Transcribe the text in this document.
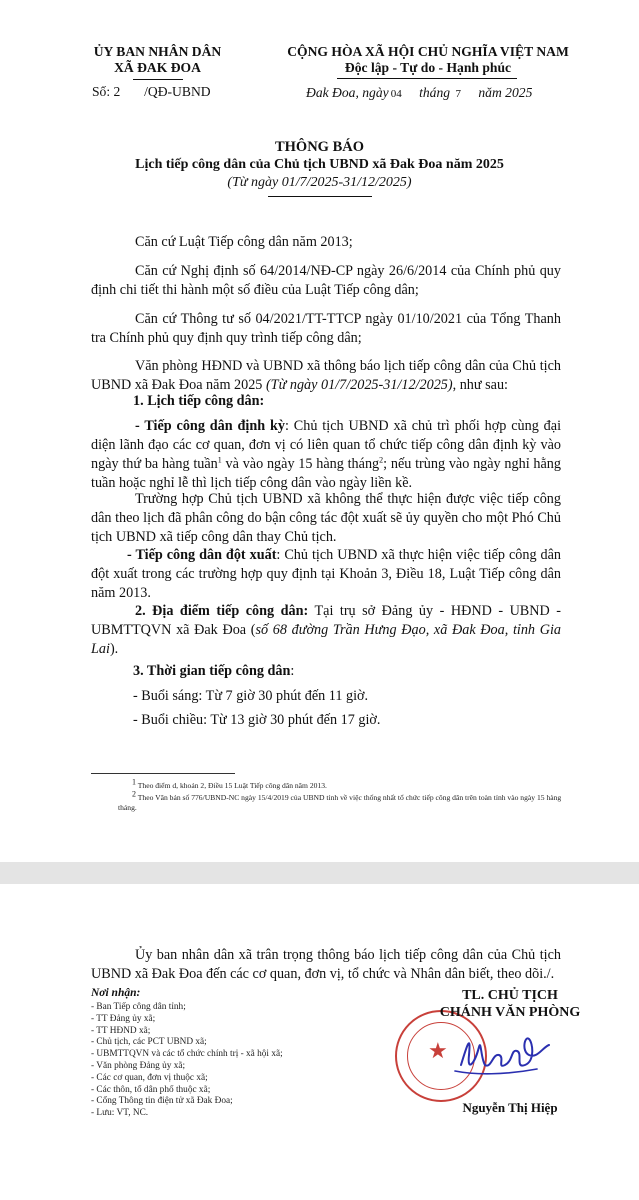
ỦY BAN NHÂN DÂN
XÃ ĐAK ĐOA
Số: 2       /QĐ-UBND
CỘNG HÒA XÃ HỘI CHỦ NGHĨA VIỆT NAM
Độc lập - Tự do - Hạnh phúc
Đak Đoa, ngày 04 tháng 7 năm 2025
THÔNG BÁO
Lịch tiếp công dân của Chủ tịch UBND xã Đak Đoa năm 2025
(Từ ngày 01/7/2025-31/12/2025)
Căn cứ Luật Tiếp công dân năm 2013;
Căn cứ Nghị định số 64/2014/NĐ-CP ngày 26/6/2014 của Chính phủ quy định chi tiết thi hành một số điều của Luật Tiếp công dân;
Căn cứ Thông tư số 04/2021/TT-TTCP ngày 01/10/2021 của Tổng Thanh tra Chính phủ quy định quy trình tiếp công dân;
Văn phòng HĐND và UBND xã thông báo lịch tiếp công dân của Chủ tịch UBND xã Đak Đoa năm 2025 (Từ ngày 01/7/2025-31/12/2025), như sau:
1. Lịch tiếp công dân:
- Tiếp công dân định kỳ: Chủ tịch UBND xã chủ trì phối hợp cùng đại diện lãnh đạo các cơ quan, đơn vị có liên quan tổ chức tiếp công dân định kỳ vào ngày thứ ba hàng tuần$^1$ và vào ngày 15 hàng tháng$^2$; nếu trùng vào ngày nghỉ hằng tuần hoặc nghỉ lễ thì lịch tiếp công dân vào ngày liền kề.
Trường hợp Chủ tịch UBND xã không thể thực hiện được việc tiếp công dân theo lịch đã phân công do bận công tác đột xuất sẽ ủy quyền cho một Phó Chủ tịch UBND xã tiếp công dân thay Chủ tịch.
- Tiếp công dân đột xuất: Chủ tịch UBND xã thực hiện việc tiếp công dân đột xuất trong các trường hợp quy định tại Khoản 3, Điều 18, Luật Tiếp công dân năm 2013.
2. Địa điểm tiếp công dân: Tại trụ sở Đảng ủy - HĐND - UBND - UBMTTQVN xã Đak Đoa (số 68 đường Trần Hưng Đạo, xã Đak Đoa, tỉnh Gia Lai).
3. Thời gian tiếp công dân:
- Buổi sáng: Từ 7 giờ 30 phút đến 11 giờ.
- Buổi chiều: Từ 13 giờ 30 phút đến 17 giờ.
$^1$ Theo điểm d, khoản 2, Điều 15 Luật Tiếp công dân năm 2013.
$^2$ Theo Văn bản số 776/UBND-NC ngày 15/4/2019 của UBND tỉnh về việc thống nhất tổ chức tiếp công dân trên toàn tỉnh vào ngày 15 hàng tháng.
Ủy ban nhân dân xã trân trọng thông báo lịch tiếp công dân của Chủ tịch UBND xã Đak Đoa đến các cơ quan, đơn vị, tổ chức và Nhân dân biết, theo dõi./.
Nơi nhận:
- Ban Tiếp công dân tỉnh;
- TT Đảng ủy xã;
- TT HĐND xã;
- Chủ tịch, các PCT UBND xã;
- UBMTTQVN và các tổ chức chính trị - xã hội xã;
- Văn phòng Đảng ủy xã;
- Các cơ quan, đơn vị thuộc xã;
- Các thôn, tổ dân phố thuộc xã;
- Cổng Thông tin điện tử xã Đak Đoa;
- Lưu: VT, NC.
★
TL. CHỦ TỊCH
CHÁNH VĂN PHÒNG
Nguyễn Thị Hiệp
